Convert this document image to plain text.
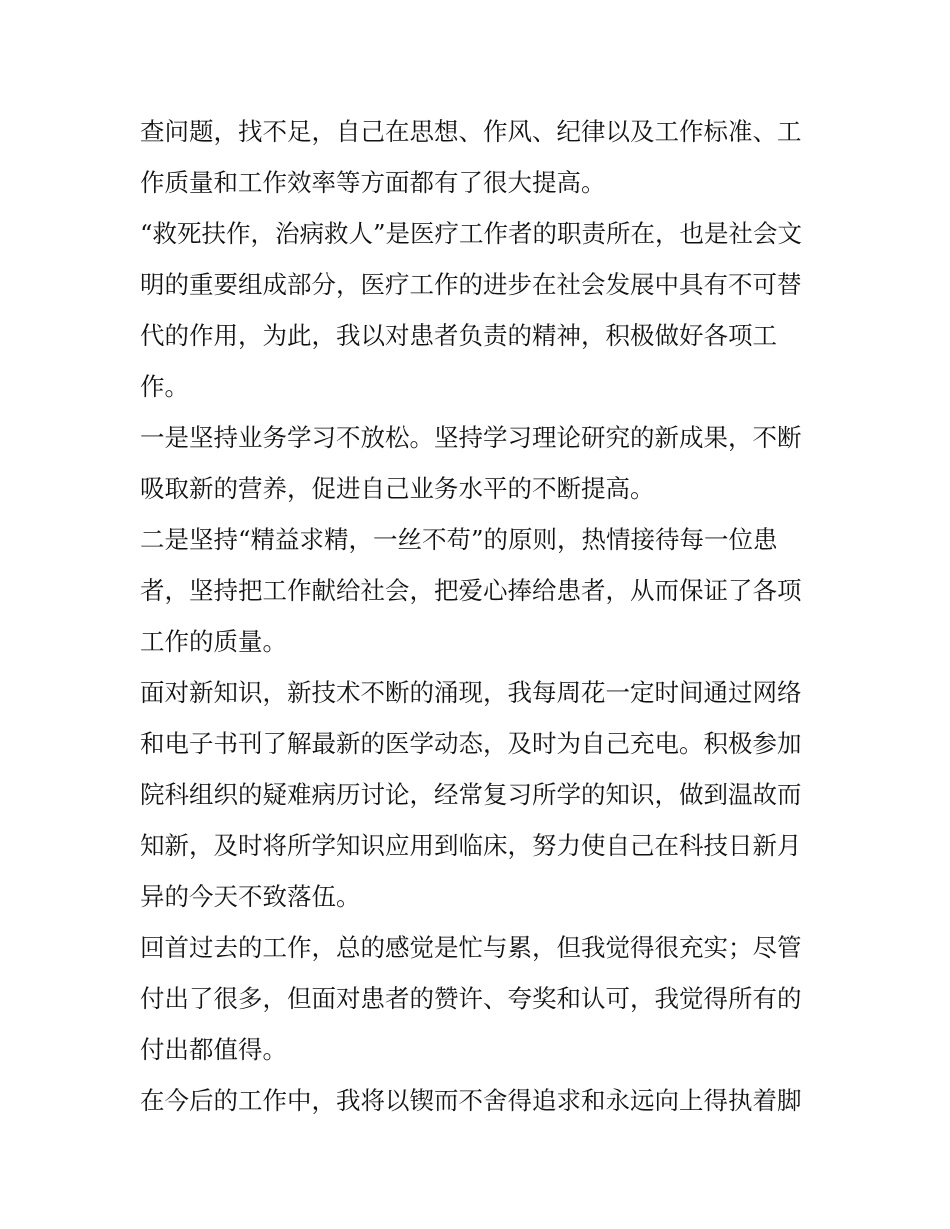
查问题，找不足，自己在思想、作风、纪律以及工作标准、工作质量和工作效率等方面都有了很大提高。

“救死扶作，治病救人”是医疗工作者的职责所在，也是社会文明的重要组成部分，医疗工作的进步在社会发展中具有不可替代的作用，为此，我以对患者负责的精神，积极做好各项工作。

一是坚持业务学习不放松。坚持学习理论研究的新成果，不断吸取新的营养，促进自己业务水平的不断提高。

二是坚持“精益求精，一丝不苟”的原则，热情接待每一位患者，坚持把工作献给社会，把爱心捧给患者，从而保证了各项工作的质量。

面对新知识，新技术不断的涌现，我每周花一定时间通过网络和电子书刊了解最新的医学动态，及时为自己充电。积极参加院科组织的疑难病历讨论，经常复习所学的知识，做到温故而知新，及时将所学知识应用到临床，努力使自己在科技日新月异的今天不致落伍。

回首过去的工作，总的感觉是忙与累，但我觉得很充实；尽管付出了很多，但面对患者的赞许、夸奖和认可，我觉得所有的付出都值得。

在今后的工作中，我将以锲而不舍得追求和永远向上得执着脚
